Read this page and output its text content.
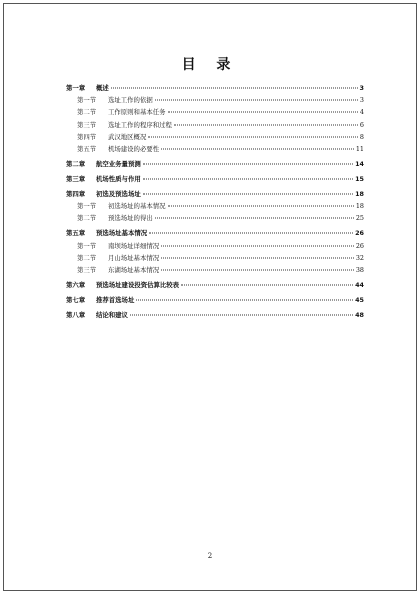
目 录
第一章	概述	3
第一节	选址工作的依据	3
第二节	工作原则和基本任务	4
第三节	选址工作的程序和过程	6
第四节	武汉地区概况	8
第五节	机场建设的必要性	11
第二章	航空业务量预测	14
第三章	机场性质与作用	15
第四章	初选及预选场址	18
第一节	初选场址的基本情况	18
第二节	预选场址的得出	25
第五章	预选场址基本情况	26
第一节	南坝场址详细情况	26
第二节	月山场址基本情况	32
第三节	东湖场址基本情况	38
第六章	预选场址建设投资估算比较表	44
第七章	推荐首选场址	45
第八章	结论和建议	48
2
